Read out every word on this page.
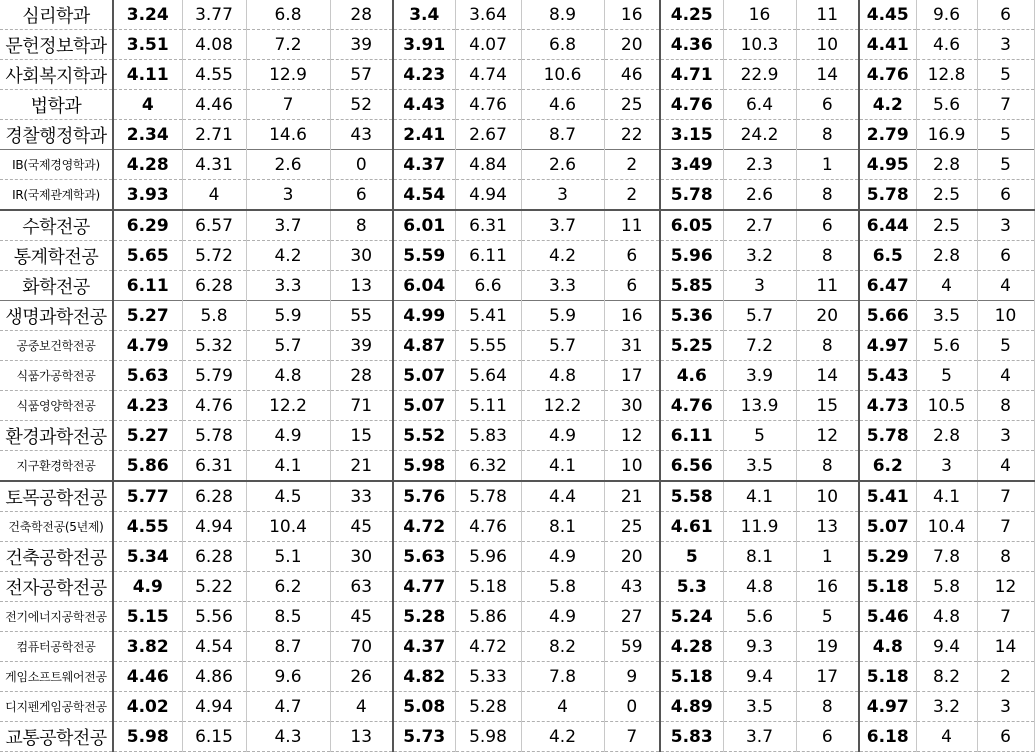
심리학과	3.24	3.77	6.8	28	3.4	3.64	8.9	16	4.25	16	11	4.45	9.6	6
문헌정보학과	3.51	4.08	7.2	39	3.91	4.07	6.8	20	4.36	10.3	10	4.41	4.6	3
사회복지학과	4.11	4.55	12.9	57	4.23	4.74	10.6	46	4.71	22.9	14	4.76	12.8	5
법학과	4	4.46	7	52	4.43	4.76	4.6	25	4.76	6.4	6	4.2	5.6	7
경찰행정학과	2.34	2.71	14.6	43	2.41	2.67	8.7	22	3.15	24.2	8	2.79	16.9	5
IB(국제경영학과)	4.28	4.31	2.6	0	4.37	4.84	2.6	2	3.49	2.3	1	4.95	2.8	5
IR(국제관계학과)	3.93	4	3	6	4.54	4.94	3	2	5.78	2.6	8	5.78	2.5	6
수학전공	6.29	6.57	3.7	8	6.01	6.31	3.7	11	6.05	2.7	6	6.44	2.5	3
통계학전공	5.65	5.72	4.2	30	5.59	6.11	4.2	6	5.96	3.2	8	6.5	2.8	6
화학전공	6.11	6.28	3.3	13	6.04	6.6	3.3	6	5.85	3	11	6.47	4	4
생명과학전공	5.27	5.8	5.9	55	4.99	5.41	5.9	16	5.36	5.7	20	5.66	3.5	10
공중보건학전공	4.79	5.32	5.7	39	4.87	5.55	5.7	31	5.25	7.2	8	4.97	5.6	5
식품가공학전공	5.63	5.79	4.8	28	5.07	5.64	4.8	17	4.6	3.9	14	5.43	5	4
식품영양학전공	4.23	4.76	12.2	71	5.07	5.11	12.2	30	4.76	13.9	15	4.73	10.5	8
환경과학전공	5.27	5.78	4.9	15	5.52	5.83	4.9	12	6.11	5	12	5.78	2.8	3
지구환경학전공	5.86	6.31	4.1	21	5.98	6.32	4.1	10	6.56	3.5	8	6.2	3	4
토목공학전공	5.77	6.28	4.5	33	5.76	5.78	4.4	21	5.58	4.1	10	5.41	4.1	7
건축학전공(5년제)	4.55	4.94	10.4	45	4.72	4.76	8.1	25	4.61	11.9	13	5.07	10.4	7
건축공학전공	5.34	6.28	5.1	30	5.63	5.96	4.9	20	5	8.1	1	5.29	7.8	8
전자공학전공	4.9	5.22	6.2	63	4.77	5.18	5.8	43	5.3	4.8	16	5.18	5.8	12
전기에너지공학전공	5.15	5.56	8.5	45	5.28	5.86	4.9	27	5.24	5.6	5	5.46	4.8	7
컴퓨터공학전공	3.82	4.54	8.7	70	4.37	4.72	8.2	59	4.28	9.3	19	4.8	9.4	14
게임소프트웨어전공	4.46	4.86	9.6	26	4.82	5.33	7.8	9	5.18	9.4	17	5.18	8.2	2
디지펜게임공학전공	4.02	4.94	4.7	4	5.08	5.28	4	0	4.89	3.5	8	4.97	3.2	3
교통공학전공	5.98	6.15	4.3	13	5.73	5.98	4.2	7	5.83	3.7	6	6.18	4	6
